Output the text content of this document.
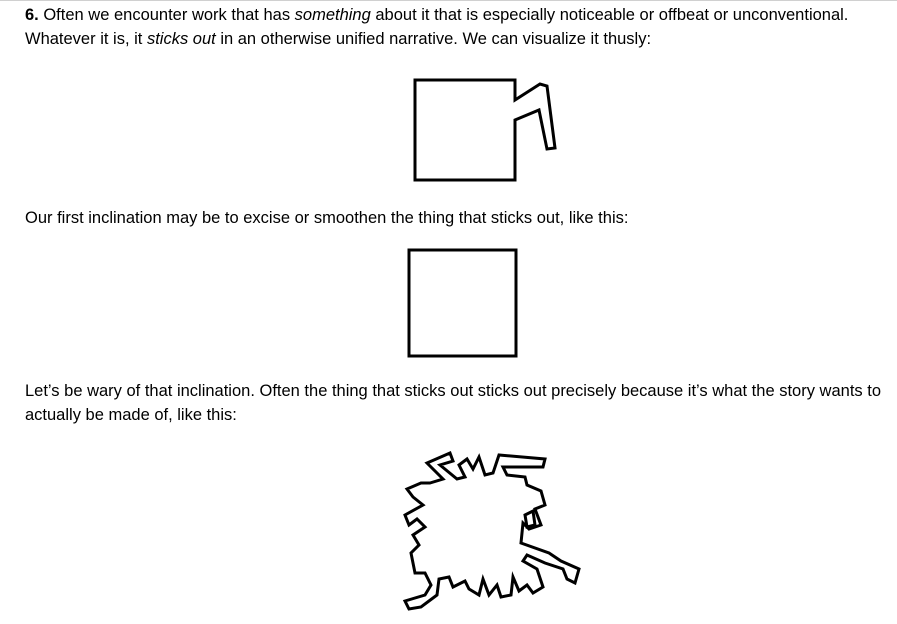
6. Often we encounter work that has something about it that is especially noticeable or offbeat or unconventional. Whatever it is, it sticks out in an otherwise unified narrative. We can visualize it thusly:

Our first inclination may be to excise or smoothen the thing that sticks out, like this:

Let’s be wary of that inclination. Often the thing that sticks out sticks out precisely because it’s what the story wants to actually be made of, like this:
